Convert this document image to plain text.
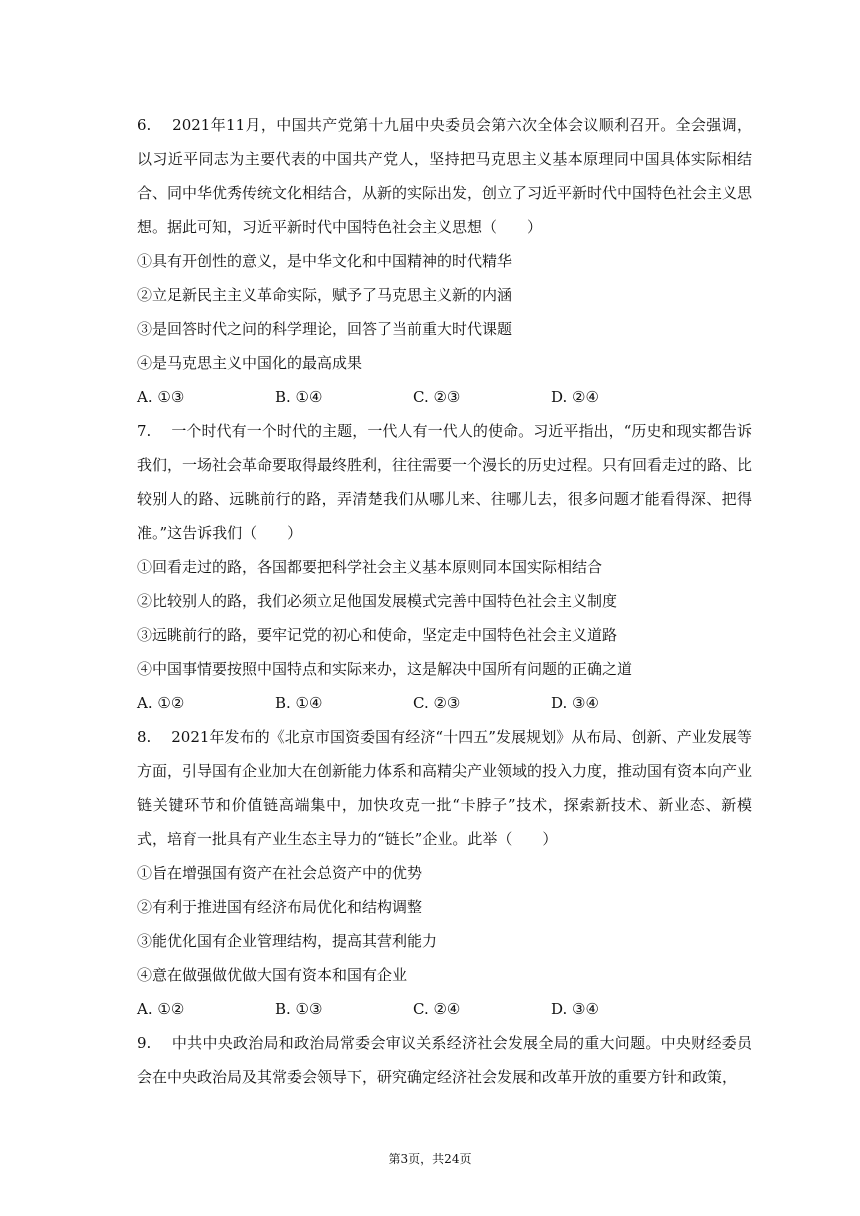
6.　 2021年11月，中国共产党第十九届中央委员会第六次全体会议顺利召开。全会强调，以习近平同志为主要代表的中国共产党人，坚持把马克思主义基本原理同中国具体实际相结合、同中华优秀传统文化相结合，从新的实际出发，创立了习近平新时代中国特色社会主义思想。据此可知，习近平新时代中国特色社会主义思想（　　）

①具有开创性的意义，是中华文化和中国精神的时代精华

②立足新民主主义革命实际，赋予了马克思主义新的内涵

③是回答时代之问的科学理论，回答了当前重大时代课题

④是马克思主义中国化的最高成果

A. ①③	B. ①④	C. ②③	D. ②④

7.　 一个时代有一个时代的主题，一代人有一代人的使命。习近平指出，“历史和现实都告诉我们，一场社会革命要取得最终胜利，往往需要一个漫长的历史过程。只有回看走过的路、比较别人的路、远眺前行的路，弄清楚我们从哪儿来、往哪儿去，很多问题才能看得深、把得准。”这告诉我们（　　）

①回看走过的路，各国都要把科学社会主义基本原则同本国实际相结合

②比较别人的路，我们必须立足他国发展模式完善中国特色社会主义制度

③远眺前行的路，要牢记党的初心和使命，坚定走中国特色社会主义道路

④中国事情要按照中国特点和实际来办，这是解决中国所有问题的正确之道

A. ①②	B. ①④	C. ②③	D. ③④

8.　 2021年发布的《北京市国资委国有经济“十四五”发展规划》从布局、创新、产业发展等方面，引导国有企业加大在创新能力体系和高精尖产业领域的投入力度，推动国有资本向产业链关键环节和价值链高端集中，加快攻克一批“卡脖子”技术，探索新技术、新业态、新模式，培育一批具有产业生态主导力的“链长”企业。此举（　　）

①旨在增强国有资产在社会总资产中的优势

②有利于推进国有经济布局优化和结构调整

③能优化国有企业管理结构，提高其营利能力

④意在做强做优做大国有资本和国有企业

A. ①②	B. ①③	C. ②④	D. ③④

9.　 中共中央政治局和政治局常委会审议关系经济社会发展全局的重大问题。中央财经委员会在中央政治局及其常委会领导下，研究确定经济社会发展和改革开放的重要方针和政策，

第3页，共24页
